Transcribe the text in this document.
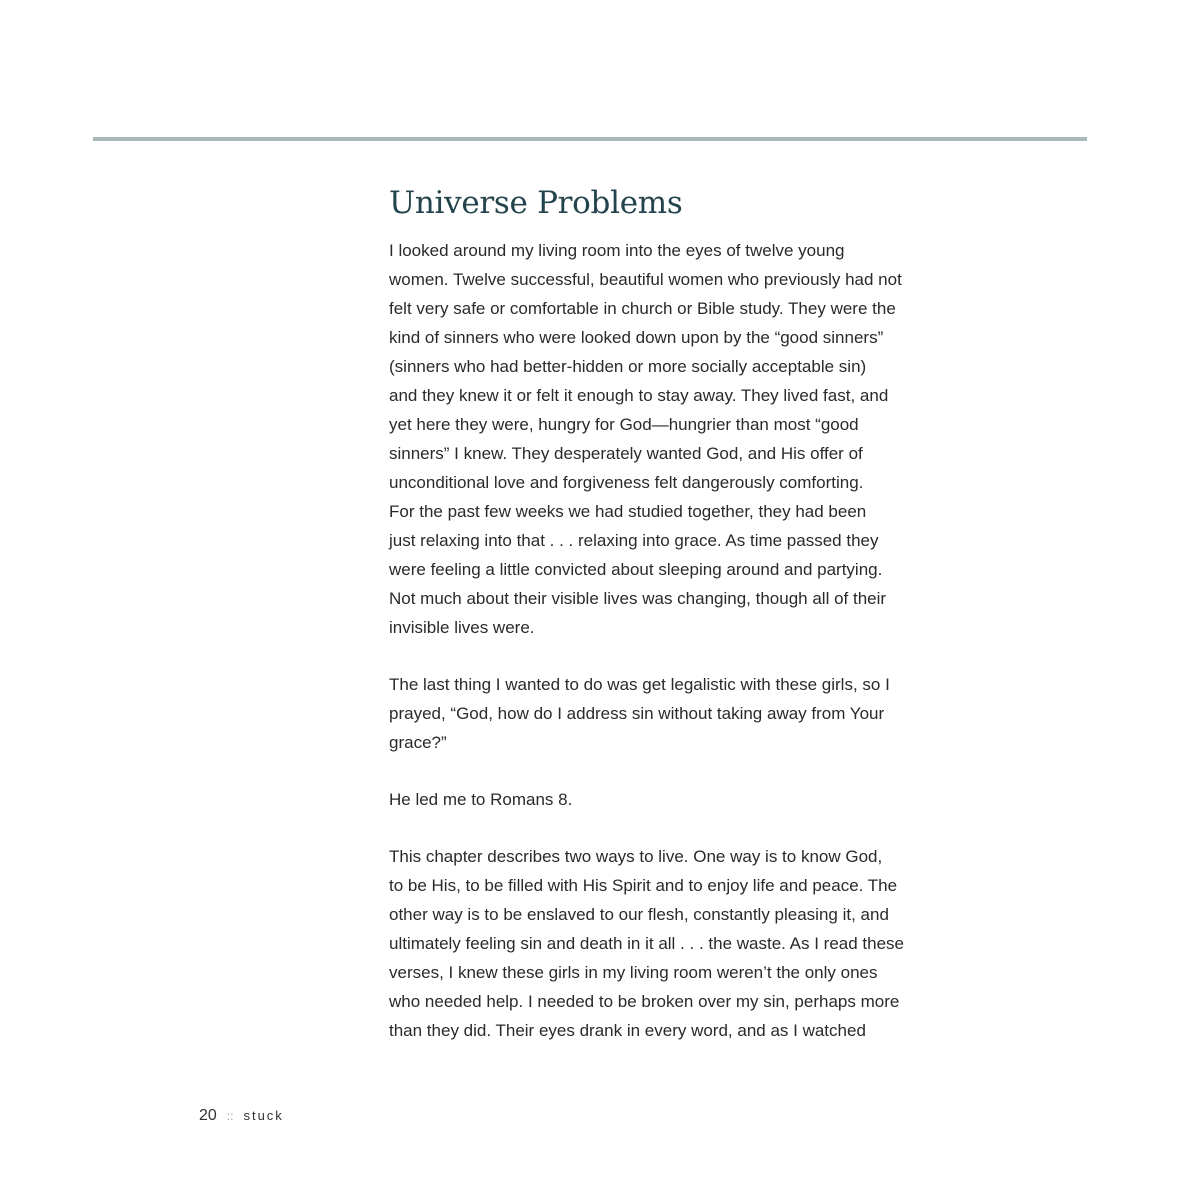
Universe Problems

I looked around my living room into the eyes of twelve young
women. Twelve successful, beautiful women who previously had not
felt very safe or comfortable in church or Bible study. They were the
kind of sinners who were looked down upon by the “good sinners”
(sinners who had better-hidden or more socially acceptable sin)
and they knew it or felt it enough to stay away. They lived fast, and
yet here they were, hungry for God—hungrier than most “good
sinners” I knew. They desperately wanted God, and His offer of
unconditional love and forgiveness felt dangerously comforting.
For the past few weeks we had studied together, they had been
just relaxing into that . . . relaxing into grace. As time passed they
were feeling a little convicted about sleeping around and partying.
Not much about their visible lives was changing, though all of their
invisible lives were.

The last thing I wanted to do was get legalistic with these girls, so I
prayed, “God, how do I address sin without taking away from Your
grace?”

He led me to Romans 8.

This chapter describes two ways to live. One way is to know God,
to be His, to be filled with His Spirit and to enjoy life and peace. The
other way is to be enslaved to our flesh, constantly pleasing it, and
ultimately feeling sin and death in it all . . . the waste. As I read these
verses, I knew these girls in my living room weren’t the only ones
who needed help. I needed to be broken over my sin, perhaps more
than they did. Their eyes drank in every word, and as I watched

20 :: stuck
